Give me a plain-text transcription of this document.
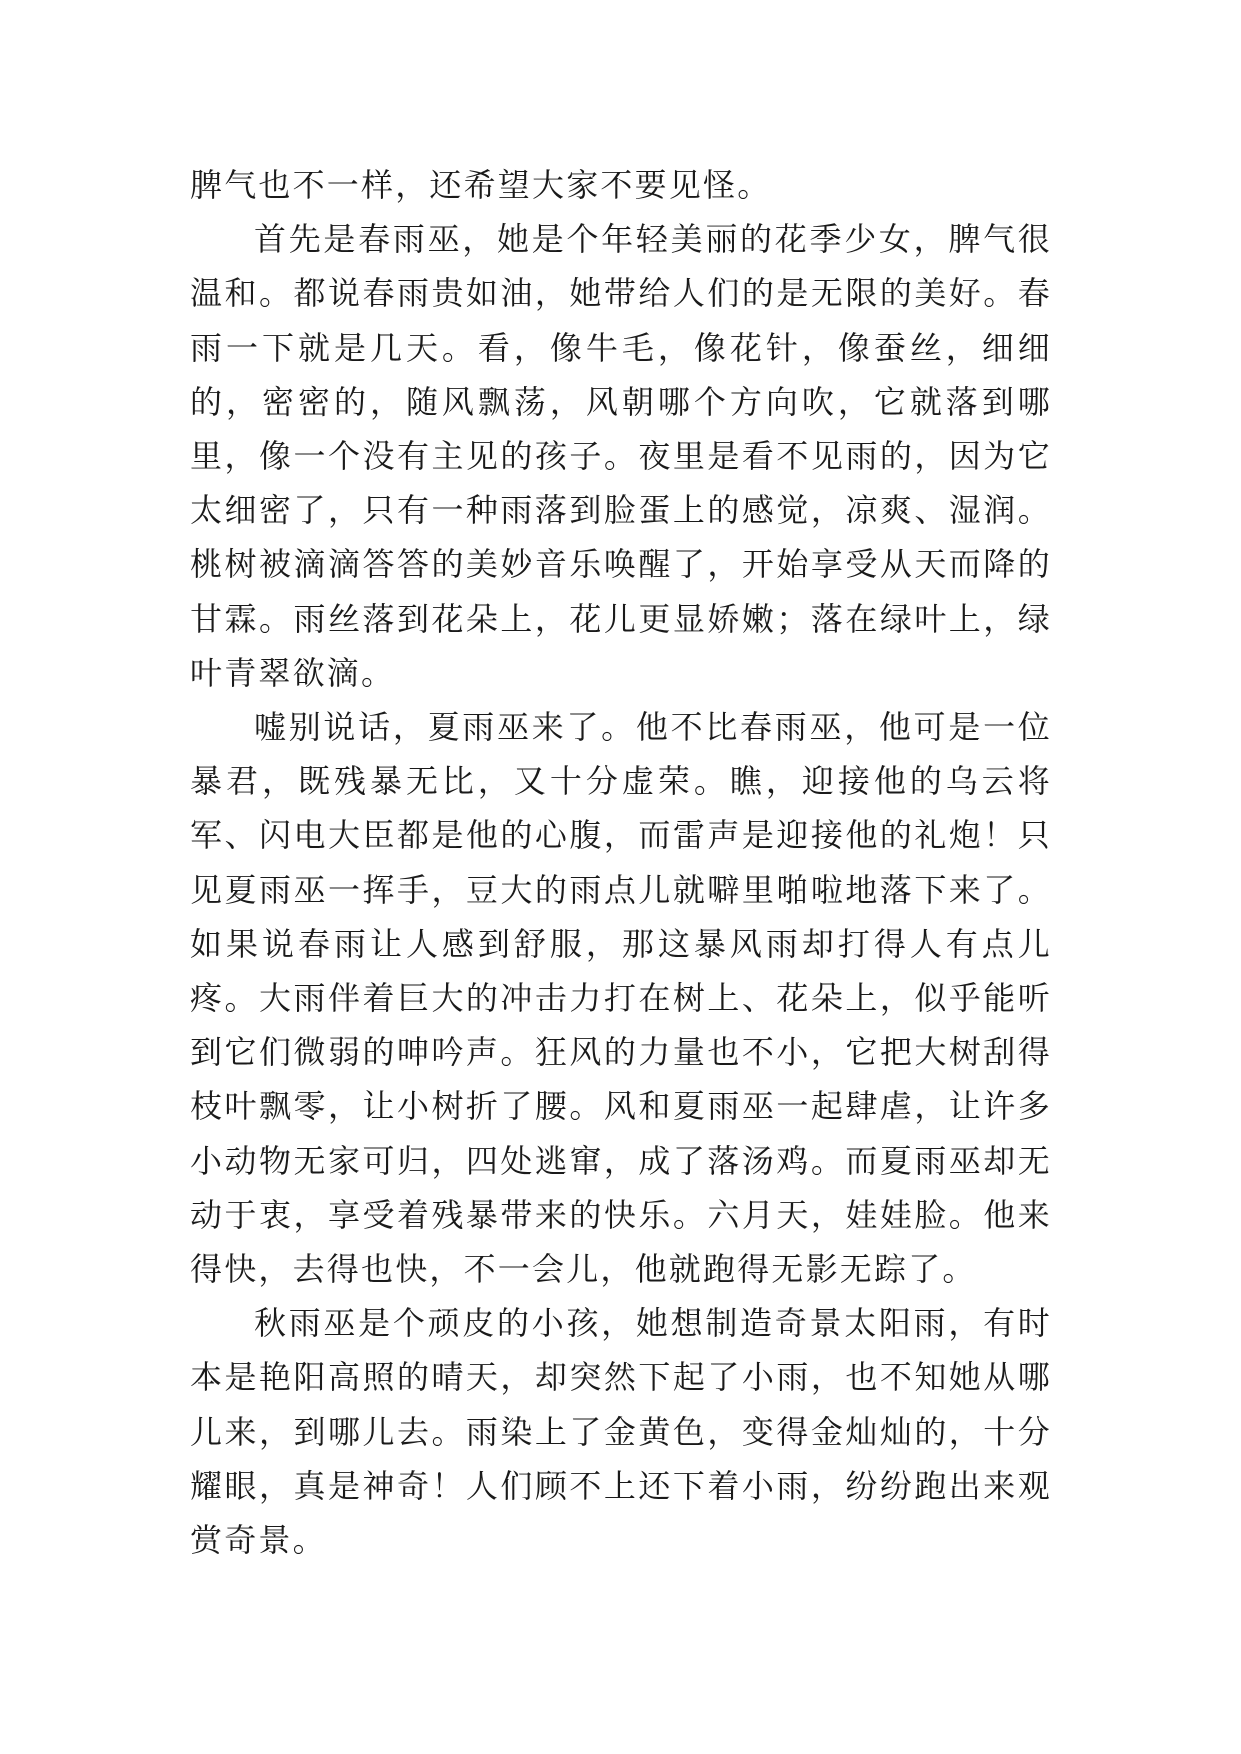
脾气也不一样，还希望大家不要见怪。

首先是春雨巫，她是个年轻美丽的花季少女，脾气很温和。都说春雨贵如油，她带给人们的是无限的美好。春雨一下就是几天。看，像牛毛，像花针，像蚕丝，细细的，密密的，随风飘荡，风朝哪个方向吹，它就落到哪里，像一个没有主见的孩子。夜里是看不见雨的，因为它太细密了，只有一种雨落到脸蛋上的感觉，凉爽、湿润。桃树被滴滴答答的美妙音乐唤醒了，开始享受从天而降的甘霖。雨丝落到花朵上，花儿更显娇嫩；落在绿叶上，绿叶青翠欲滴。

嘘别说话，夏雨巫来了。他不比春雨巫，他可是一位暴君，既残暴无比，又十分虚荣。瞧，迎接他的乌云将军、闪电大臣都是他的心腹，而雷声是迎接他的礼炮！只见夏雨巫一挥手，豆大的雨点儿就噼里啪啦地落下来了。如果说春雨让人感到舒服，那这暴风雨却打得人有点儿疼。大雨伴着巨大的冲击力打在树上、花朵上，似乎能听到它们微弱的呻吟声。狂风的力量也不小，它把大树刮得枝叶飘零，让小树折了腰。风和夏雨巫一起肆虐，让许多小动物无家可归，四处逃窜，成了落汤鸡。而夏雨巫却无动于衷，享受着残暴带来的快乐。六月天，娃娃脸。他来得快，去得也快，不一会儿，他就跑得无影无踪了。

秋雨巫是个顽皮的小孩，她想制造奇景太阳雨，有时本是艳阳高照的晴天，却突然下起了小雨，也不知她从哪儿来，到哪儿去。雨染上了金黄色，变得金灿灿的，十分耀眼，真是神奇！人们顾不上还下着小雨，纷纷跑出来观赏奇景。
